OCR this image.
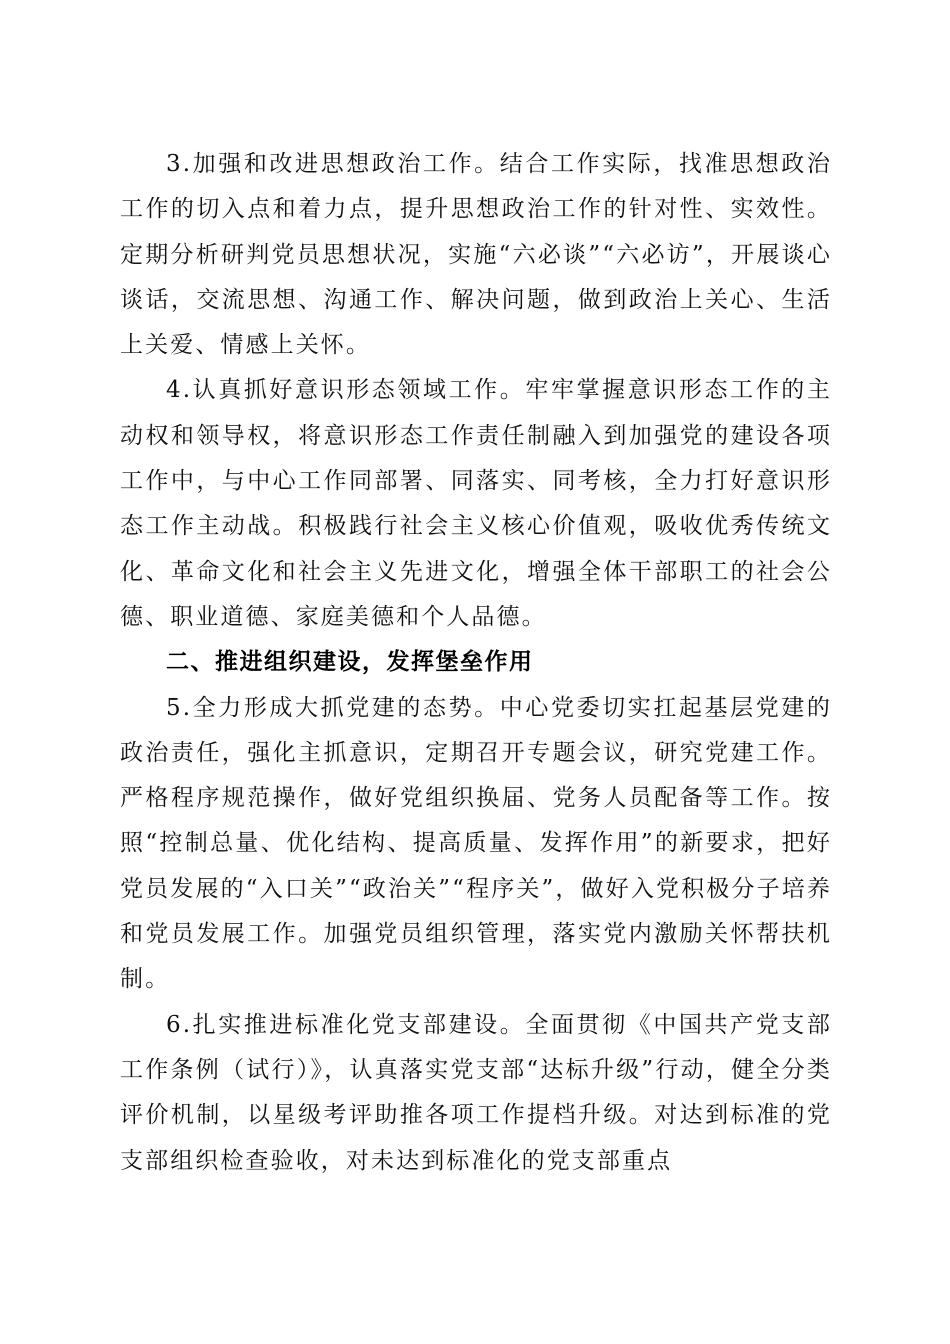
3.加强和改进思想政治工作。结合工作实际，找准思想政治工作的切入点和着力点，提升思想政治工作的针对性、实效性。定期分析研判党员思想状况，实施“六必谈”“六必访”，开展谈心谈话，交流思想、沟通工作、解决问题，做到政治上关心、生活上关爱、情感上关怀。

4.认真抓好意识形态领域工作。牢牢掌握意识形态工作的主动权和领导权，将意识形态工作责任制融入到加强党的建设各项工作中，与中心工作同部署、同落实、同考核，全力打好意识形态工作主动战。积极践行社会主义核心价值观，吸收优秀传统文化、革命文化和社会主义先进文化，增强全体干部职工的社会公德、职业道德、家庭美德和个人品德。

二、推进组织建设，发挥堡垒作用

5.全力形成大抓党建的态势。中心党委切实扛起基层党建的政治责任，强化主抓意识，定期召开专题会议，研究党建工作。严格程序规范操作，做好党组织换届、党务人员配备等工作。按照“控制总量、优化结构、提高质量、发挥作用”的新要求，把好党员发展的“入口关”“政治关”“程序关”，做好入党积极分子培养和党员发展工作。加强党员组织管理，落实党内激励关怀帮扶机制。

6.扎实推进标准化党支部建设。全面贯彻《中国共产党支部工作条例（试行）》，认真落实党支部“达标升级”行动，健全分类评价机制，以星级考评助推各项工作提档升级。对达到标准的党支部组织检查验收，对未达到标准化的党支部重点
